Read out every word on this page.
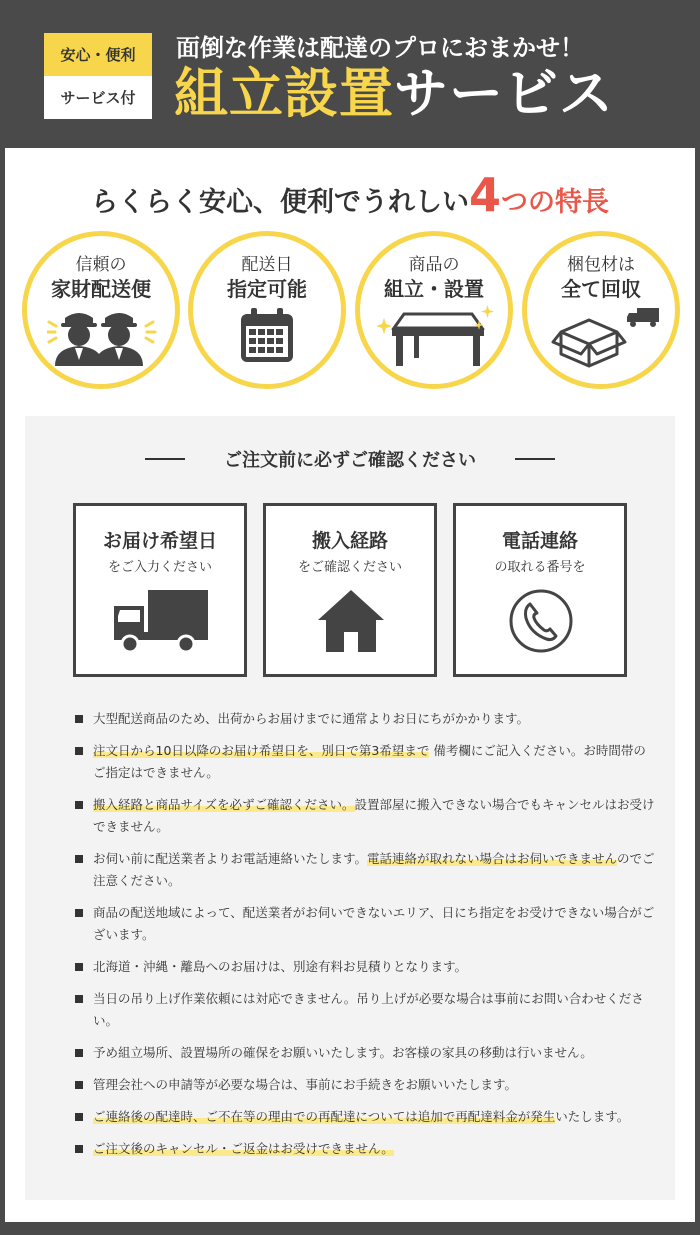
安心・便利
サービス付
面倒な作業は配達のプロにおまかせ！
組立設置サービス
らくらく安心、便利でうれしい4つの特長
信頼の
家財配送便
配送日
指定可能
商品の
組立・設置
梱包材は
全て回収
ご注文前に必ずご確認ください
お届け希望日
をご入力ください
搬入経路
をご確認ください
電話連絡
の取れる番号を
大型配送商品のため、出荷からお届けまでに通常よりお日にちがかかります。
注文日から10日以降のお届け希望日を、別日で第3希望まで 備考欄にご記入ください。お時間帯のご指定はできません。
搬入経路と商品サイズを必ずご確認ください。設置部屋に搬入できない場合でもキャンセルはお受けできません。
お伺い前に配送業者よりお電話連絡いたします。電話連絡が取れない場合はお伺いできませんのでご注意ください。
商品の配送地域によって、配送業者がお伺いできないエリア、日にち指定をお受けできない場合がございます。
北海道・沖縄・離島へのお届けは、別途有料お見積りとなります。
当日の吊り上げ作業依頼には対応できません。吊り上げが必要な場合は事前にお問い合わせください。
予め組立場所、設置場所の確保をお願いいたします。お客様の家具の移動は行いません。
管理会社への申請等が必要な場合は、事前にお手続きをお願いいたします。
ご連絡後の配達時、ご不在等の理由での再配達については追加で再配達料金が発生いたします。
ご注文後のキャンセル・ご返金はお受けできません。
